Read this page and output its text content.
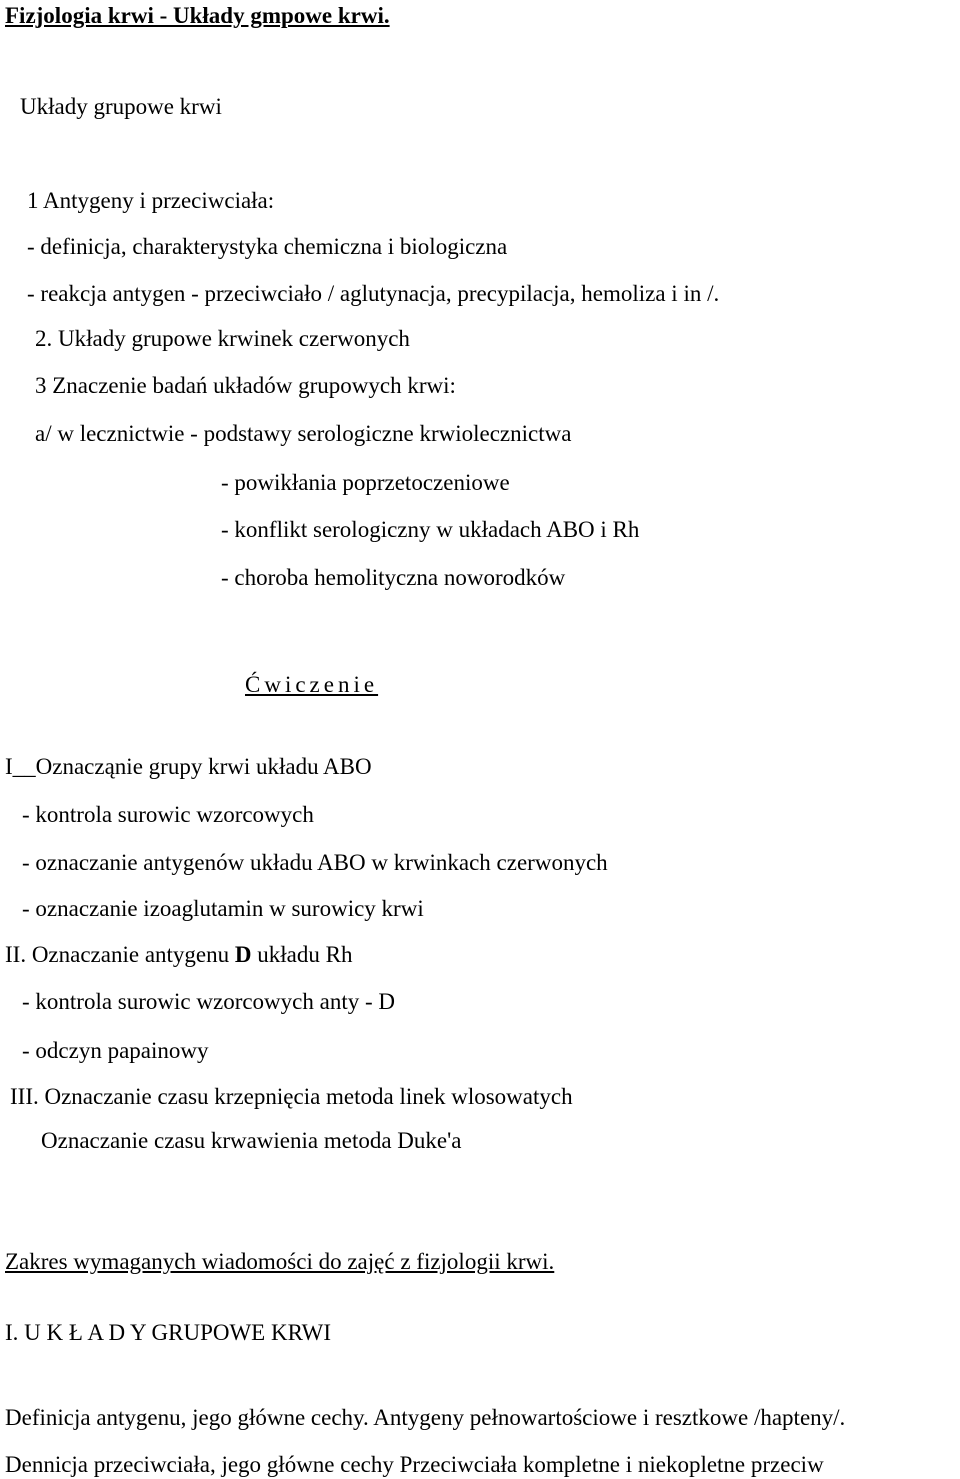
Fizjologia krwi - Układy gmpowe krwi.
Układy grupowe krwi
1 Antygeny i przeciwciała:
- definicja, charakterystyka chemiczna i biologiczna
- reakcja antygen - przeciwciało / aglutynacja, precypilacja, hemoliza i in /.
2. Układy grupowe krwinek czerwonych
3 Znaczenie badań układów grupowych krwi:
a/ w lecznictwie - podstawy serologiczne krwiolecznictwa
- powikłania poprzetoczeniowe
- konflikt serologiczny w układach ABO i Rh
- choroba hemolityczna noworodków
Ćwiczenie
I__Oznacząnie grupy krwi układu ABO
- kontrola surowic wzorcowych
- oznaczanie antygenów układu ABO w krwinkach czerwonych
- oznaczanie izoaglutamin w surowicy krwi
II. Oznaczanie antygenu D układu Rh
- kontrola surowic wzorcowych anty - D
- odczyn papainowy
III. Oznaczanie czasu krzepnięcia metoda linek wlosowatych
Oznaczanie czasu krwawienia metoda Duke'a
Zakres wymaganych wiadomości do zajęć z fizjologii krwi.
I. U K Ł A D Y GRUPOWE KRWI
Definicja antygenu, jego główne cechy. Antygeny pełnowartościowe i resztkowe /hapteny/.
Dennicja przeciwciała, jego główne cechy Przeciwciała kompletne i niekopletne przeciw
